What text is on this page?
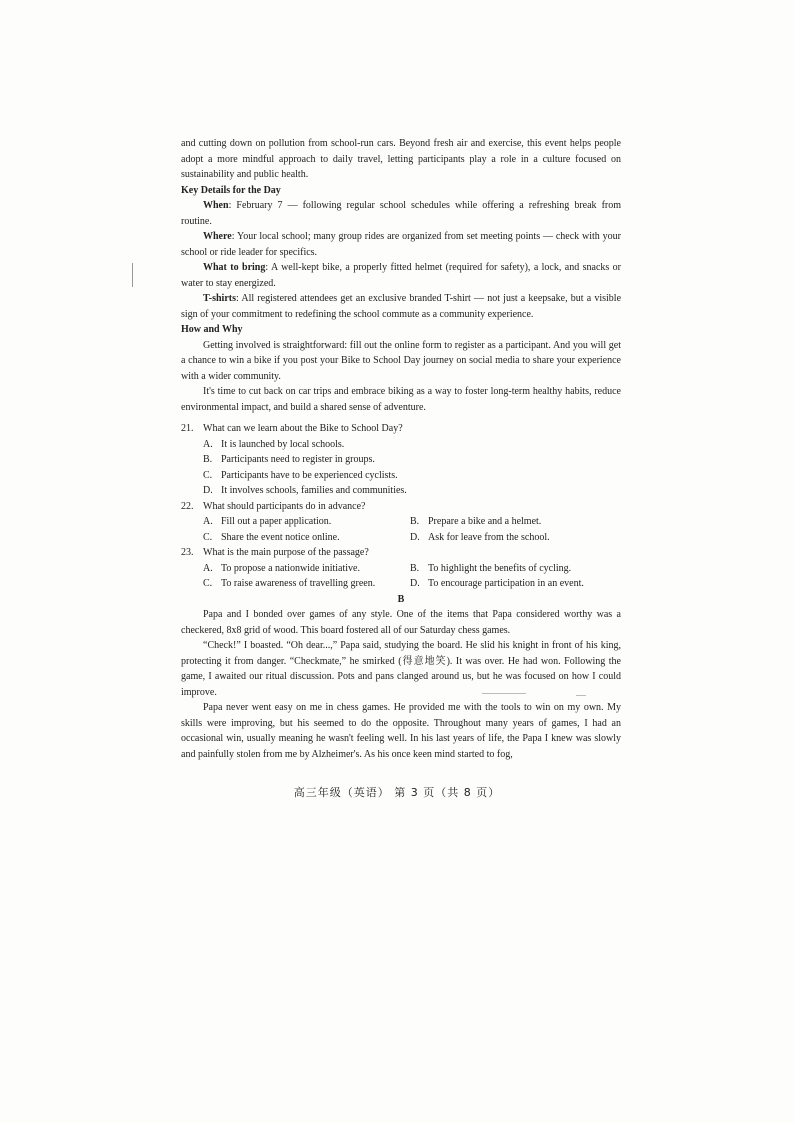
and cutting down on pollution from school-run cars. Beyond fresh air and exercise, this event helps people adopt a more mindful approach to daily travel, letting participants play a role in a culture focused on sustainability and public health.

Key Details for the Day

When: February 7 — following regular school schedules while offering a refreshing break from routine.

Where: Your local school; many group rides are organized from set meeting points — check with your school or ride leader for specifics.

What to bring: A well-kept bike, a properly fitted helmet (required for safety), a lock, and snacks or water to stay energized.

T-shirts: All registered attendees get an exclusive branded T-shirt — not just a keepsake, but a visible sign of your commitment to redefining the school commute as a community experience.

How and Why

Getting involved is straightforward: fill out the online form to register as a participant. And you will get a chance to win a bike if you post your Bike to School Day journey on social media to share your experience with a wider community.

It's time to cut back on car trips and embrace biking as a way to foster long-term healthy habits, reduce environmental impact, and build a shared sense of adventure.

21. What can we learn about the Bike to School Day?

A. It is launched by local schools.
B. Participants need to register in groups.
C. Participants have to be experienced cyclists.
D. It involves schools, families and communities.

22. What should participants do in advance?

A. Fill out a paper application.	B. Prepare a bike and a helmet.
C. Share the event notice online.	D. Ask for leave from the school.

23. What is the main purpose of the passage?

A. To propose a nationwide initiative.	B. To highlight the benefits of cycling.
C. To raise awareness of travelling green.	D. To encourage participation in an event.

B

Papa and I bonded over games of any style. One of the items that Papa considered worthy was a checkered, 8x8 grid of wood. This board fostered all of our Saturday chess games.

“Check!” I boasted. “Oh dear...,” Papa said, studying the board. He slid his knight in front of his king, protecting it from danger. “Checkmate,” he smirked (得意地笑). It was over. He had won. Following the game, I awaited our ritual discussion. Pots and pans clanged around us, but he was focused on how I could improve.

Papa never went easy on me in chess games. He provided me with the tools to win on my own. My skills were improving, but his seemed to do the opposite. Throughout many years of games, I had an occasional win, usually meaning he wasn't feeling well. In his last years of life, the Papa I knew was slowly and painfully stolen from me by Alzheimer's. As his once keen mind started to fog,

高三年级（英语） 第 3 页（共 8 页）
